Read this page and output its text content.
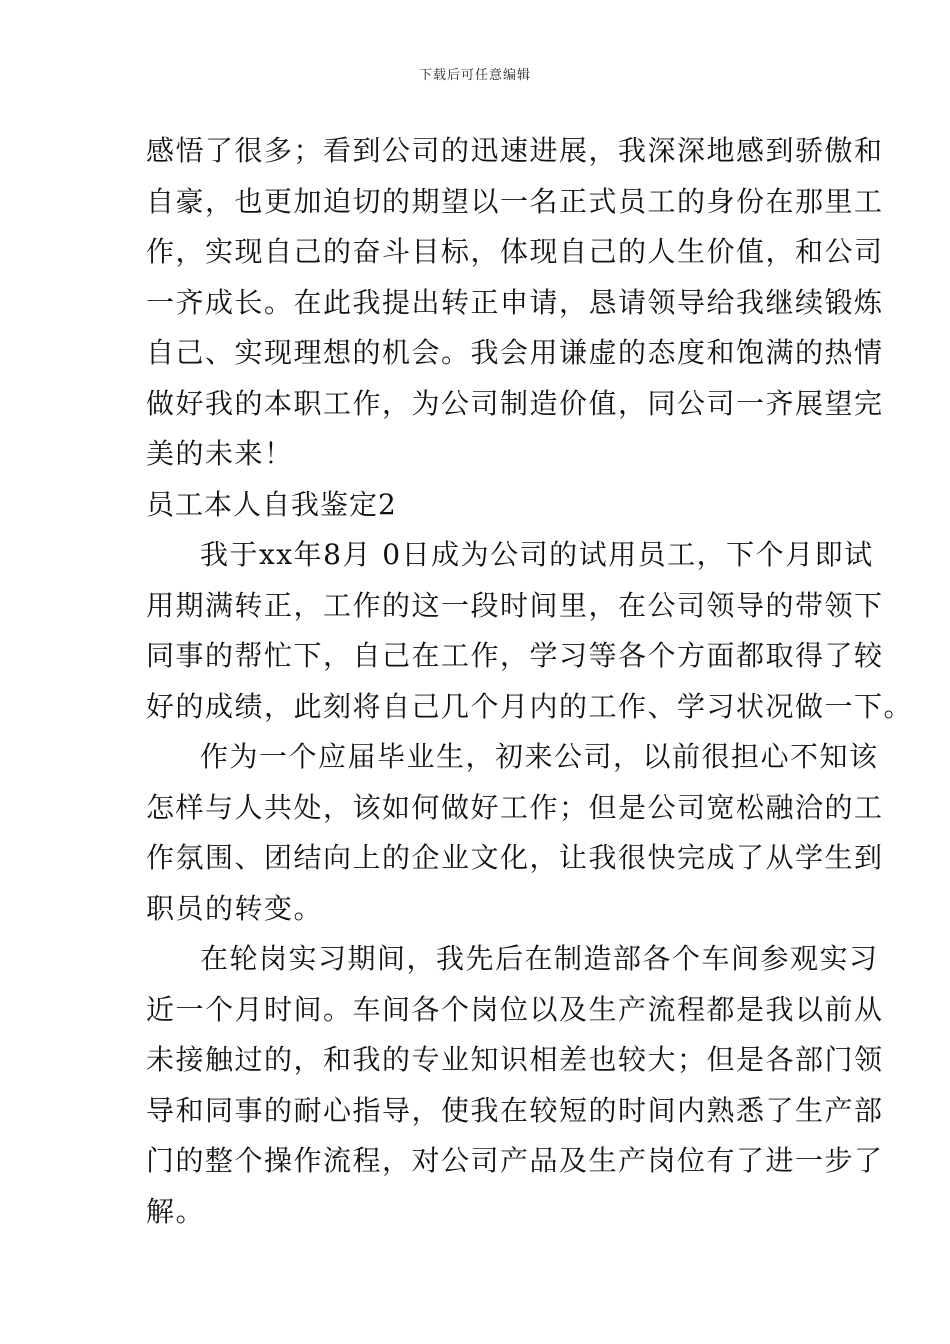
下载后可任意编辑
感悟了很多；看到公司的迅速进展，我深深地感到骄傲和
自豪，也更加迫切的期望以一名正式员工的身份在那里工
作，实现自己的奋斗目标，体现自己的人生价值，和公司
一齐成长。在此我提出转正申请，恳请领导给我继续锻炼
自己、实现理想的机会。我会用谦虚的态度和饱满的热情
做好我的本职工作，为公司制造价值，同公司一齐展望完
美的未来！
员工本人自我鉴定2
我于xx年8月 0日成为公司的试用员工，下个月即试
用期满转正，工作的这一段时间里，在公司领导的带领下
同事的帮忙下，自己在工作，学习等各个方面都取得了较
好的成绩，此刻将自己几个月内的工作、学习状况做一下。
作为一个应届毕业生，初来公司，以前很担心不知该
怎样与人共处，该如何做好工作；但是公司宽松融洽的工
作氛围、团结向上的企业文化，让我很快完成了从学生到
职员的转变。
在轮岗实习期间，我先后在制造部各个车间参观实习
近一个月时间。车间各个岗位以及生产流程都是我以前从
未接触过的，和我的专业知识相差也较大；但是各部门领
导和同事的耐心指导，使我在较短的时间内熟悉了生产部
门的整个操作流程，对公司产品及生产岗位有了进一步了
解。
